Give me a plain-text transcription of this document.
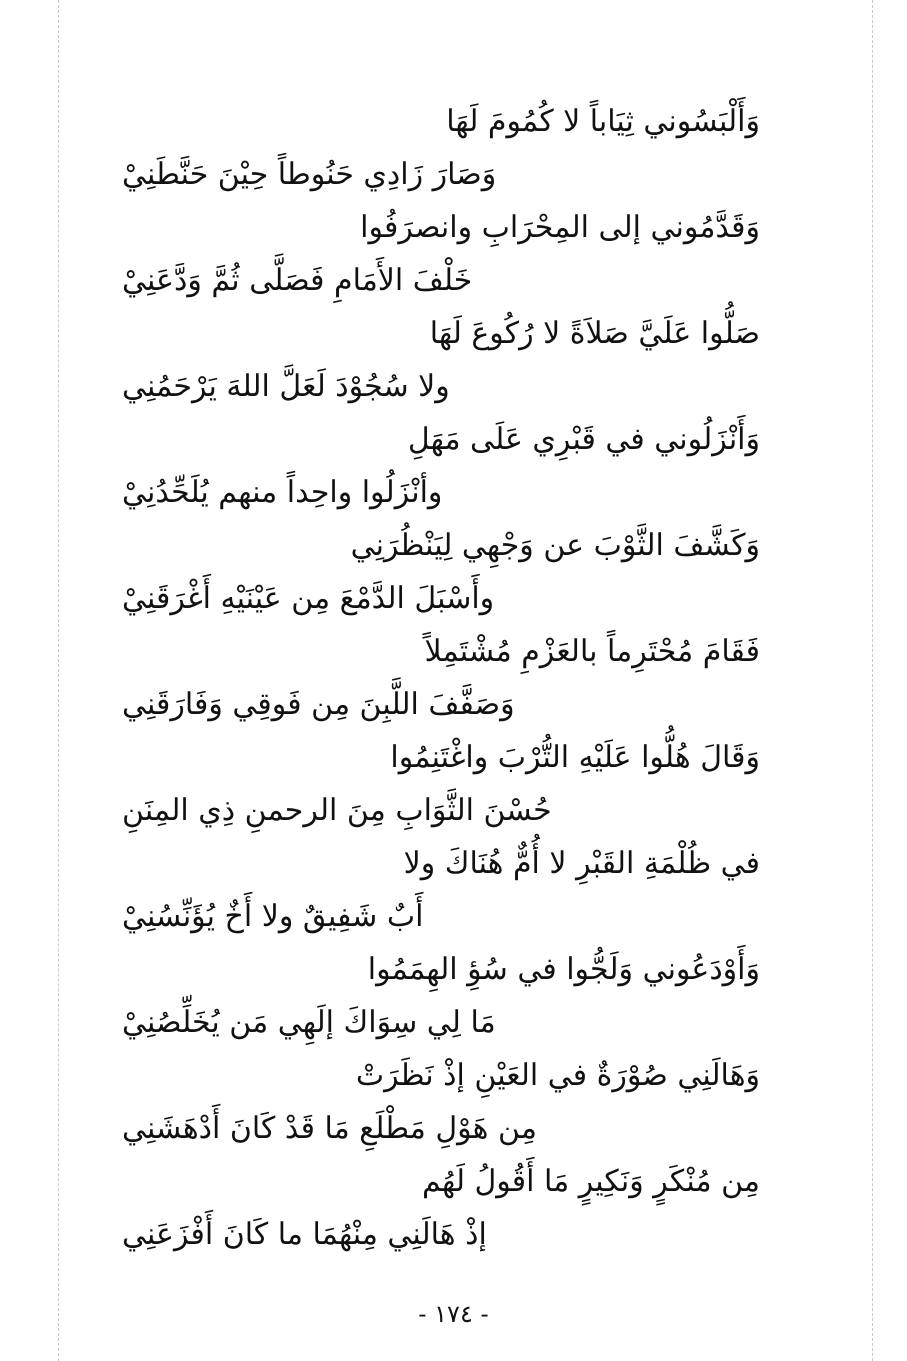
وَأَلْبَسُوني ثِيَاباً لا كُمُومَ لَهَا
وَصَارَ زَادِي حَنُوطاً حِيْنَ حَنَّطَنِيْ
وَقَدَّمُوني إلى المِحْرَابِ وانصرَفُوا
خَلْفَ الأَمَامِ فَصَلَّى ثُمَّ وَدَّعَنِيْ
صَلُّوا عَلَيَّ صَلاَةً لا رُكُوعَ لَهَا
ولا سُجُوْدَ لَعَلَّ اللهَ يَرْحَمُنِي
وَأَنْزَلُوني في قَبْرِي عَلَى مَهَلِ
وأنْزَلُوا واحِداً منهم يُلَحِّدُنِيْ
وَكَشَّفَ الثَّوْبَ عن وَجْهِي لِيَنْظُرَنِي
وأَسْبَلَ الدَّمْعَ مِن عَيْنَيْهِ أَغْرَقَنِيْ
فَقَامَ مُحْتَرِماً بالعَزْمِ مُشْتَمِلاً
وَصَفَّفَ اللَّبِنَ مِن فَوقِي وَفَارَقَنِي
وَقَالَ هُلُّوا عَلَيْهِ التُّرْبَ واغْتَنِمُوا
حُسْنَ الثَّوَابِ مِنَ الرحمنِ ذِي المِنَنِ
في ظُلْمَةِ القَبْرِ لا أُمٌّ هُنَاكَ ولا
أَبٌ شَفِيقٌ ولا أَخٌ يُؤَنِّسُنِيْ
وَأَوْدَعُوني وَلَجُّوا في سُؤِ الهِمَمُوا
مَا لِي سِوَاكَ إلَهِي مَن يُخَلِّصُنِيْ
وَهَالَنِي صُوْرَةٌ في العَيْنِ إذْ نَظَرَتْ
مِن هَوْلِ مَطْلَعِ مَا قَدْ كَانَ أَدْهَشَنِي
مِن مُنْكَرٍ وَنَكِيرٍ مَا أَقُولُ لَهُم
إذْ هَالَنِي مِنْهُمَا ما كَانَ أَفْزَعَنِي
- ١٧٤ -
